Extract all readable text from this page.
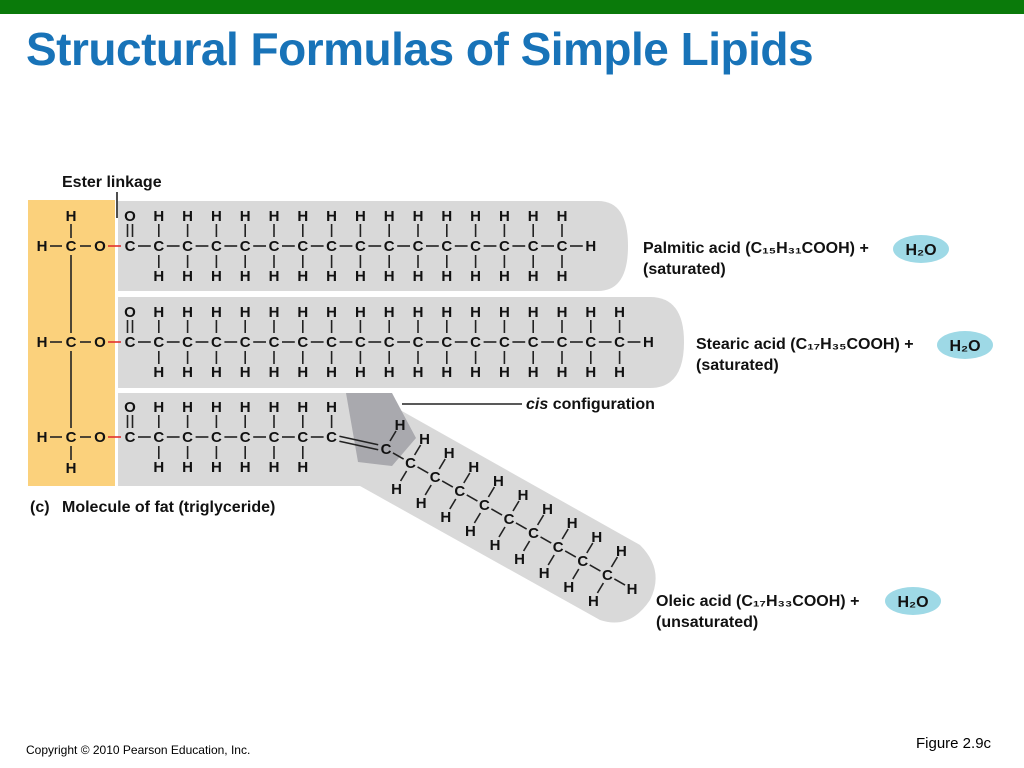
Structural Formulas of Simple Lipids
H
H C O
H C O
H C O
H
O
C C
H
H
C
H
H
C
H
H
C
H
H
C
H
H
C
H
H
C
H
H
C
H
H
C
H
H
C
H
H
C
H
H
C
H
H
C
H
H
C
H
H
C
H
H
H
O
C C
H
H
C
H
H
C
H
H
C
H
H
C
H
H
C
H
H
C
H
H
C
H
H
C
H
H
C
H
H
C
H
H
C
H
H
C
H
H
C
H
H
C
H
H
C
H
H
C
H
H
H
O
C C
H
H
C
H
H
C
H
H
C
H
H
C
H
H
C
H
H
C
H
C
C
H
H
C
H
H
C
H
H
C
H
H
C
H
H
C
H
H
C
H
H
C
H
H
C
H
H
H
H
Ester linkage
cis configuration
(c) Molecule of fat (triglyceride)
Palmitic acid (C₁₅H₃₁COOH) +
(saturated)
Stearic acid (C₁₇H₃₅COOH) +
(saturated)
Oleic acid (C₁₇H₃₃COOH) +
(unsaturated)
H₂O
H₂O
H₂O
Copyright © 2010 Pearson Education, Inc.	Figure 2.9c
